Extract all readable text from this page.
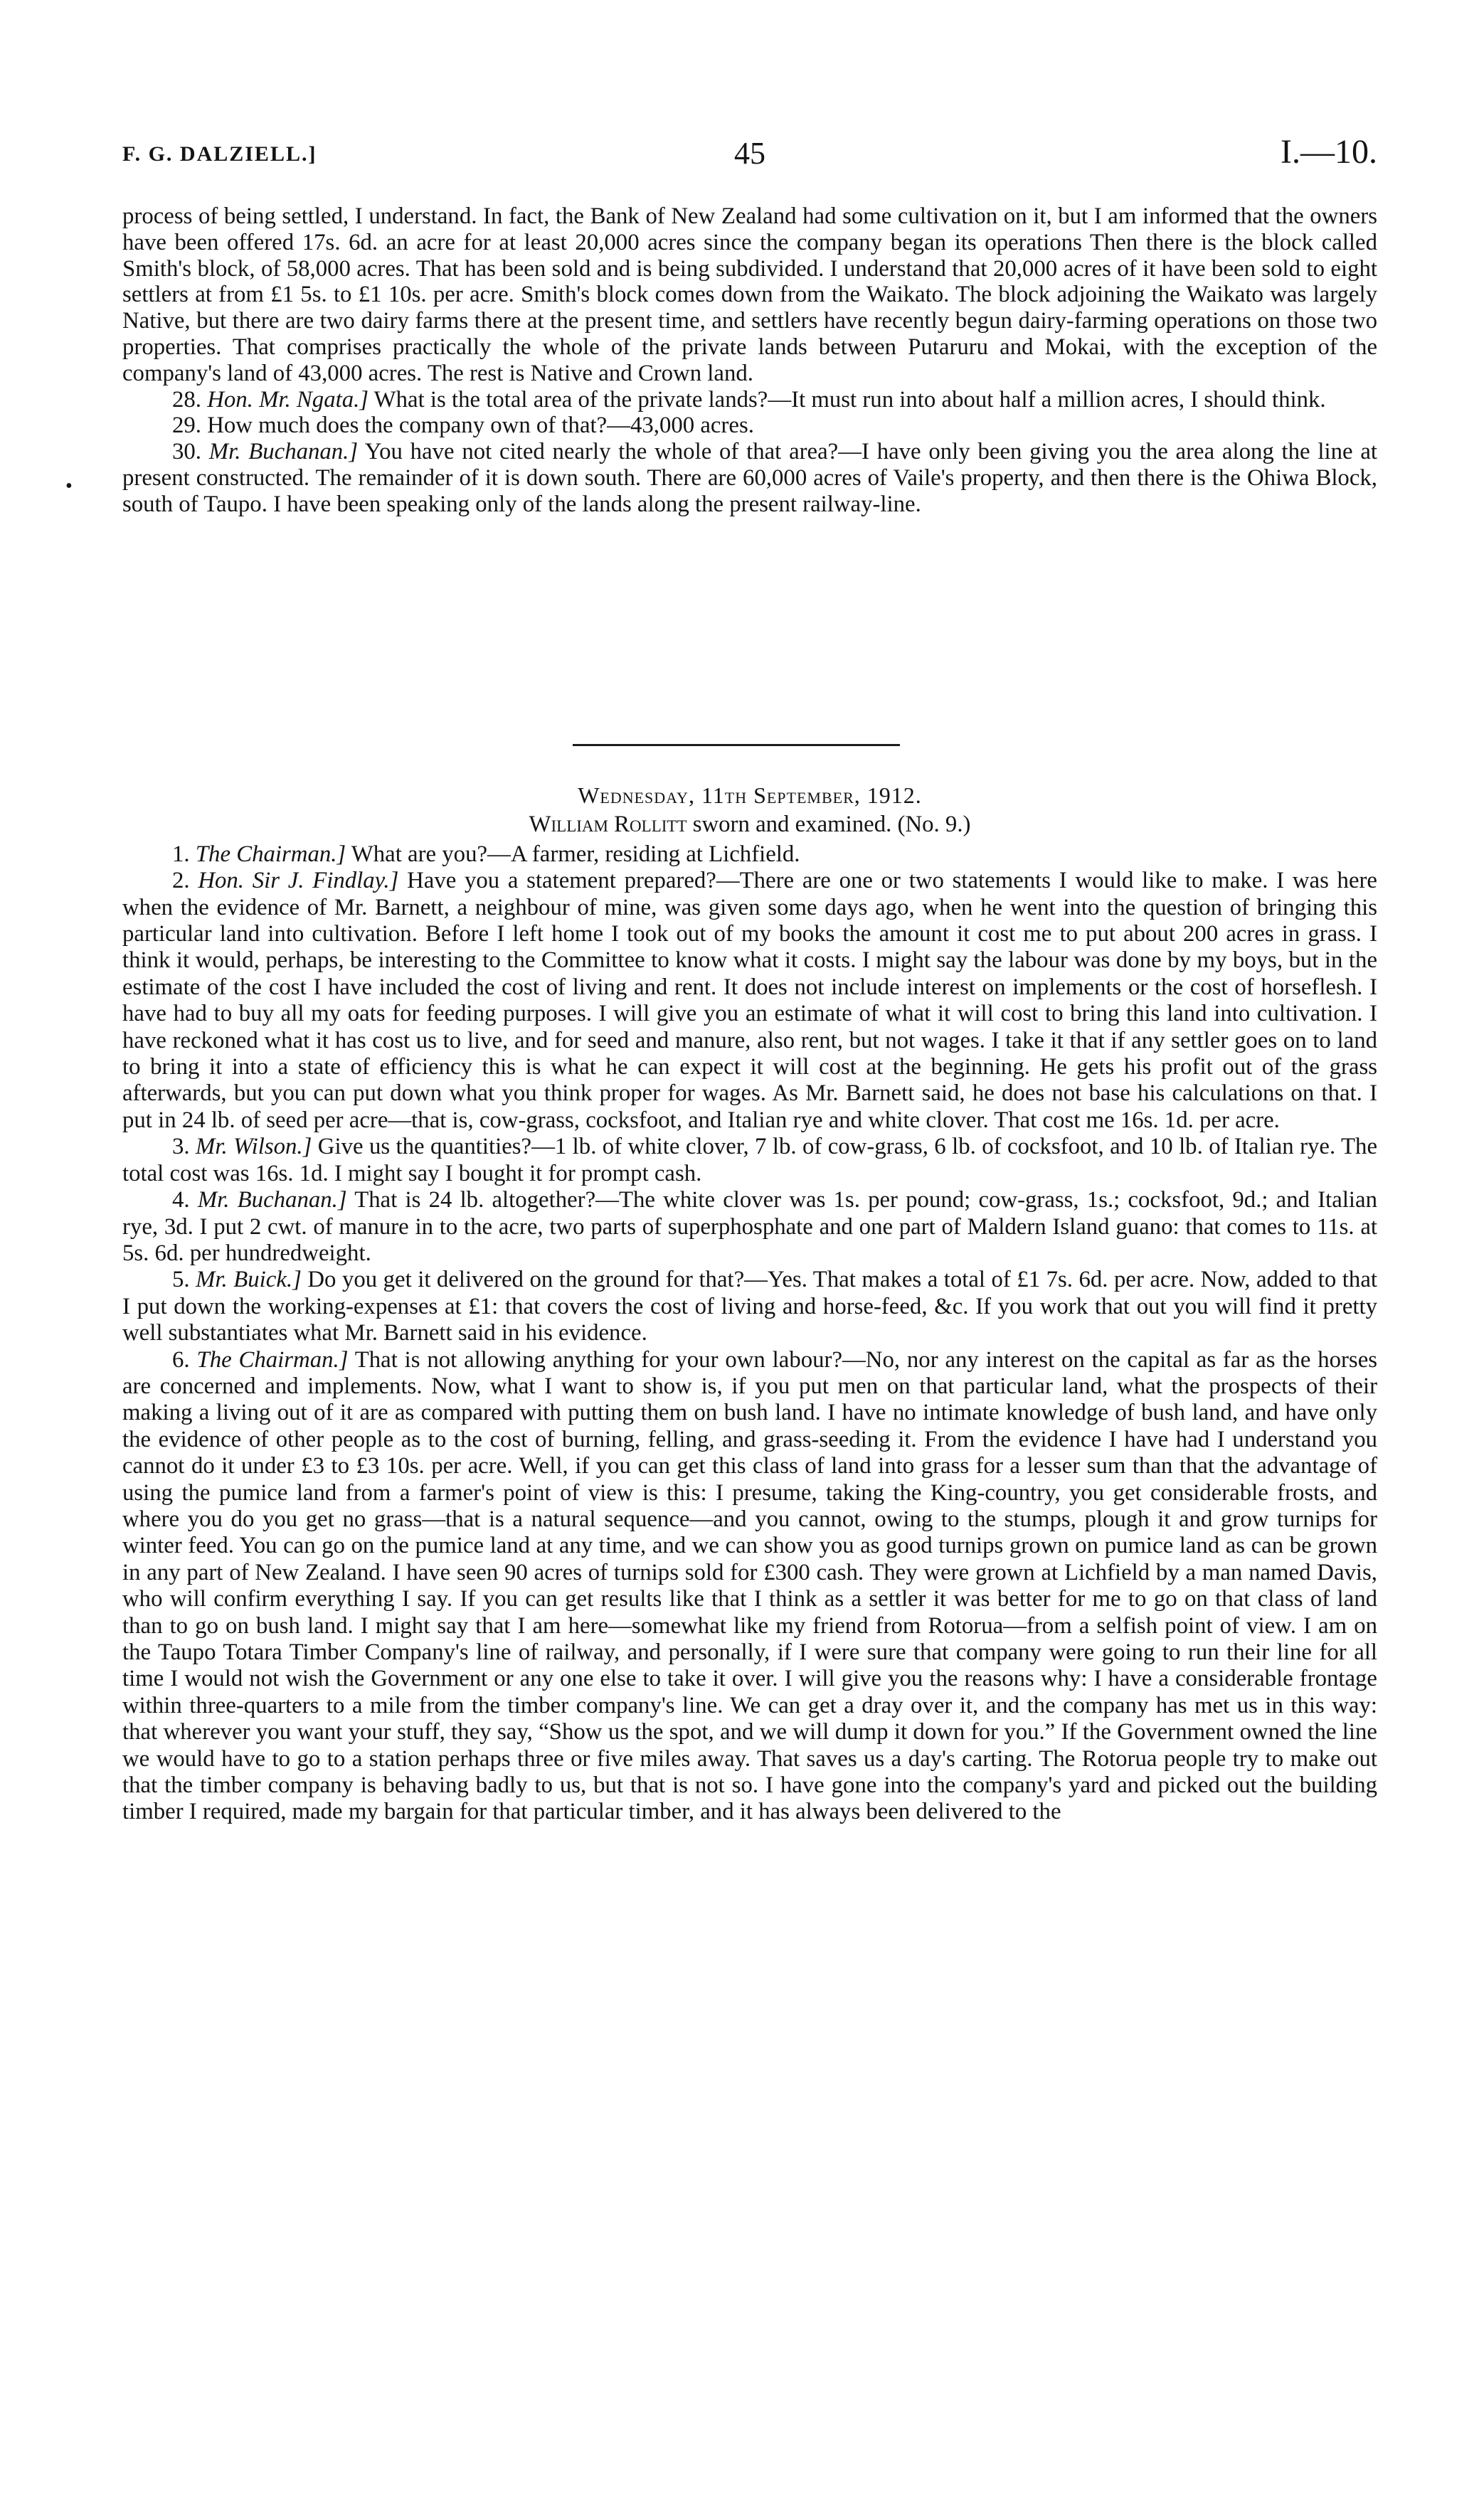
F. G. DALZIELL.]	45	I.—10.
•

process of being settled, I understand. In fact, the Bank of New Zealand had some cultivation on it, but I am informed that the owners have been offered 17s. 6d. an acre for at least 20,000 acres since the company began its operations Then there is the block called Smith's block, of 58,000 acres. That has been sold and is being subdivided. I understand that 20,000 acres of it have been sold to eight settlers at from £1 5s. to £1 10s. per acre. Smith's block comes down from the Waikato. The block adjoining the Waikato was largely Native, but there are two dairy farms there at the present time, and settlers have recently begun dairy-farming operations on those two properties. That comprises practically the whole of the private lands between Putaruru and Mokai, with the exception of the company's land of 43,000 acres. The rest is Native and Crown land.

28. Hon. Mr. Ngata.] What is the total area of the private lands?—It must run into about half a million acres, I should think.

29. How much does the company own of that?—43,000 acres.

30. Mr. Buchanan.] You have not cited nearly the whole of that area?—I have only been giving you the area along the line at present constructed. The remainder of it is down south. There are 60,000 acres of Vaile's property, and then there is the Ohiwa Block, south of Taupo. I have been speaking only of the lands along the present railway-line.

Wednesday, 11th September, 1912.

William Rollitt sworn and examined. (No. 9.)

1. The Chairman.] What are you?—A farmer, residing at Lichfield.

2. Hon. Sir J. Findlay.] Have you a statement prepared?—There are one or two statements I would like to make. I was here when the evidence of Mr. Barnett, a neighbour of mine, was given some days ago, when he went into the question of bringing this particular land into cultivation. Before I left home I took out of my books the amount it cost me to put about 200 acres in grass. I think it would, perhaps, be interesting to the Committee to know what it costs. I might say the labour was done by my boys, but in the estimate of the cost I have included the cost of living and rent. It does not include interest on implements or the cost of horseflesh. I have had to buy all my oats for feeding purposes. I will give you an estimate of what it will cost to bring this land into cultivation. I have reckoned what it has cost us to live, and for seed and manure, also rent, but not wages. I take it that if any settler goes on to land to bring it into a state of efficiency this is what he can expect it will cost at the beginning. He gets his profit out of the grass afterwards, but you can put down what you think proper for wages. As Mr. Barnett said, he does not base his calculations on that. I put in 24 lb. of seed per acre—that is, cow-grass, cocksfoot, and Italian rye and white clover. That cost me 16s. 1d. per acre.

3. Mr. Wilson.] Give us the quantities?—1 lb. of white clover, 7 lb. of cow-grass, 6 lb. of cocksfoot, and 10 lb. of Italian rye. The total cost was 16s. 1d. I might say I bought it for prompt cash.

4. Mr. Buchanan.] That is 24 lb. altogether?—The white clover was 1s. per pound; cow-grass, 1s.; cocksfoot, 9d.; and Italian rye, 3d. I put 2 cwt. of manure in to the acre, two parts of superphosphate and one part of Maldern Island guano: that comes to 11s. at 5s. 6d. per hundredweight.

5. Mr. Buick.] Do you get it delivered on the ground for that?—Yes. That makes a total of £1 7s. 6d. per acre. Now, added to that I put down the working-expenses at £1: that covers the cost of living and horse-feed, &c. If you work that out you will find it pretty well substantiates what Mr. Barnett said in his evidence.

6. The Chairman.] That is not allowing anything for your own labour?—No, nor any interest on the capital as far as the horses are concerned and implements. Now, what I want to show is, if you put men on that particular land, what the prospects of their making a living out of it are as compared with putting them on bush land. I have no intimate knowledge of bush land, and have only the evidence of other people as to the cost of burning, felling, and grass-seeding it. From the evidence I have had I understand you cannot do it under £3 to £3 10s. per acre. Well, if you can get this class of land into grass for a lesser sum than that the advantage of using the pumice land from a farmer's point of view is this: I presume, taking the King-country, you get considerable frosts, and where you do you get no grass—that is a natural sequence—and you cannot, owing to the stumps, plough it and grow turnips for winter feed. You can go on the pumice land at any time, and we can show you as good turnips grown on pumice land as can be grown in any part of New Zealand. I have seen 90 acres of turnips sold for £300 cash. They were grown at Lichfield by a man named Davis, who will confirm everything I say. If you can get results like that I think as a settler it was better for me to go on that class of land than to go on bush land. I might say that I am here—somewhat like my friend from Rotorua—from a selfish point of view. I am on the Taupo Totara Timber Company's line of railway, and personally, if I were sure that company were going to run their line for all time I would not wish the Government or any one else to take it over. I will give you the reasons why: I have a considerable frontage within three-quarters to a mile from the timber company's line. We can get a dray over it, and the company has met us in this way: that wherever you want your stuff, they say, “Show us the spot, and we will dump it down for you.” If the Government owned the line we would have to go to a station perhaps three or five miles away. That saves us a day's carting. The Rotorua people try to make out that the timber company is behaving badly to us, but that is not so. I have gone into the company's yard and picked out the building timber I required, made my bargain for that particular timber, and it has always been delivered to the
